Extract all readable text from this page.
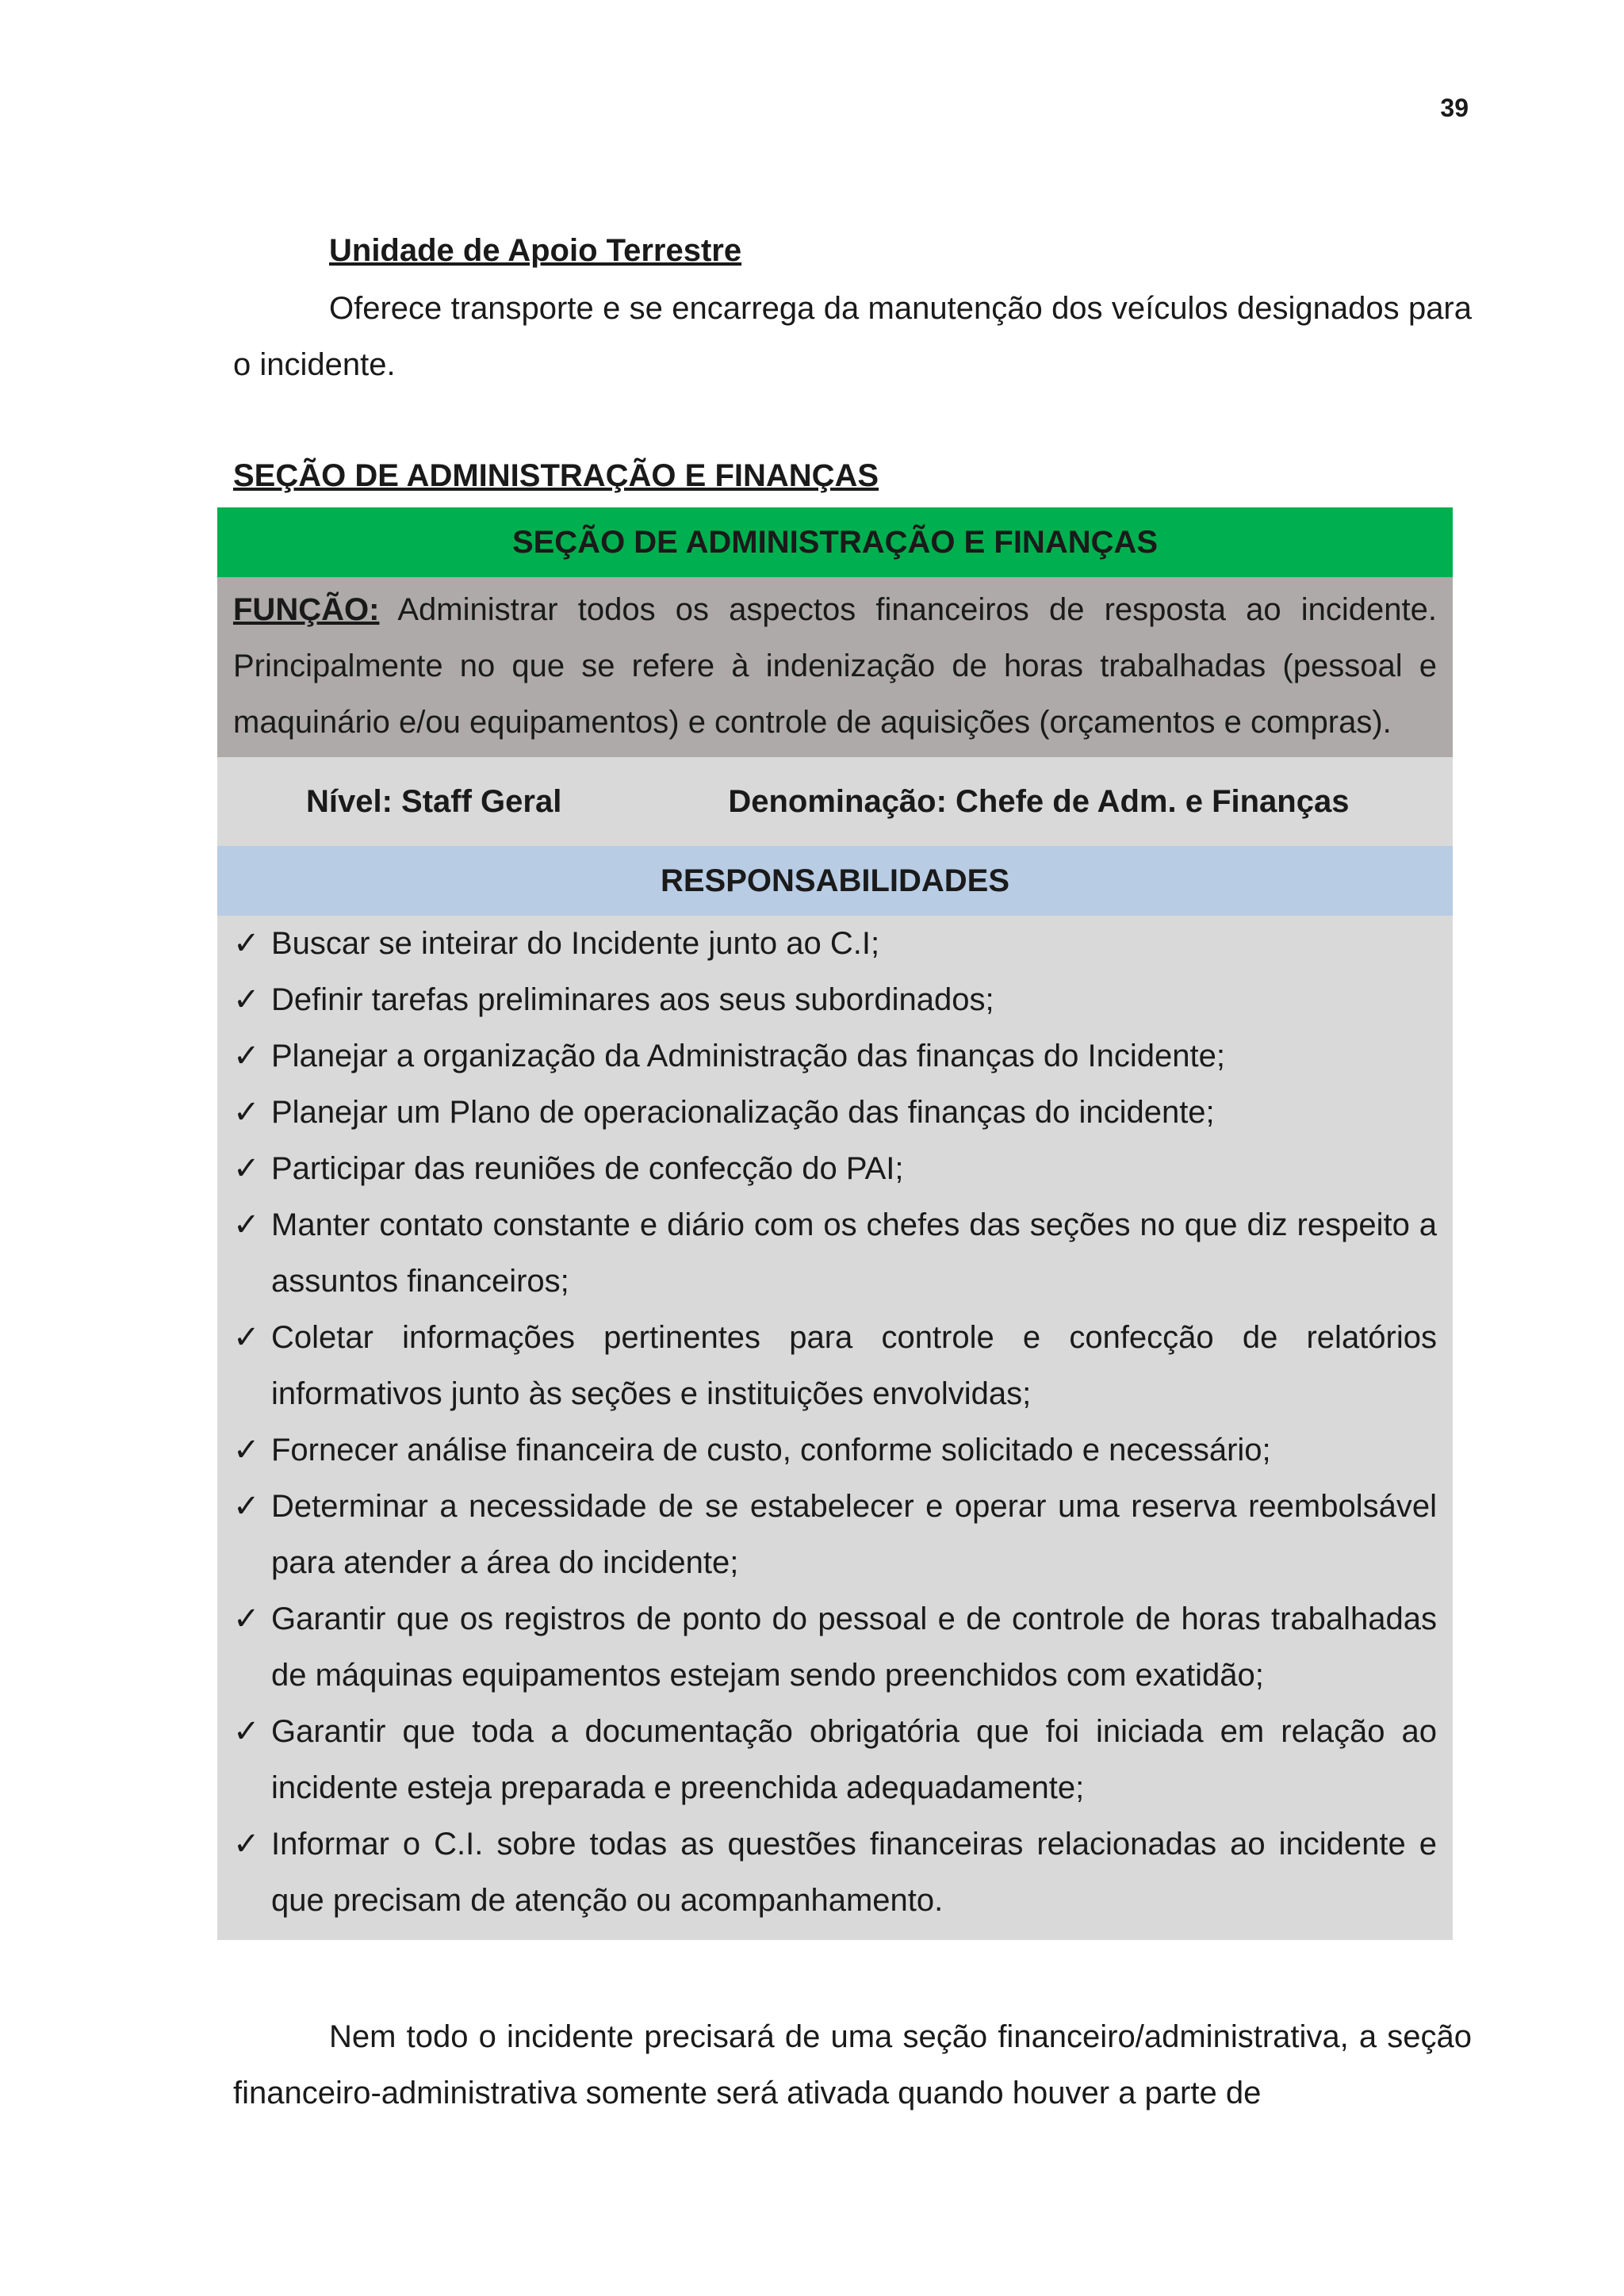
39
Unidade de Apoio Terrestre
Oferece transporte e se encarrega da manutenção dos veículos designados para o incidente.
SEÇÃO DE ADMINISTRAÇÃO E FINANÇAS
SEÇÃO DE ADMINISTRAÇÃO E FINANÇAS
FUNÇÃO: Administrar todos os aspectos financeiros de resposta ao incidente. Principalmente no que se refere à indenização de horas trabalhadas (pessoal e maquinário e/ou equipamentos) e controle de aquisições (orçamentos e compras).
Nível: Staff Geral	Denominação: Chefe de Adm. e Finanças
RESPONSABILIDADES
✓ Buscar se inteirar do Incidente junto ao C.I;
✓ Definir tarefas preliminares aos seus subordinados;
✓ Planejar a organização da Administração das finanças do Incidente;
✓ Planejar um Plano de operacionalização das finanças do incidente;
✓ Participar das reuniões de confecção do PAI;
✓ Manter contato constante e diário com os chefes das seções no que diz respeito a assuntos financeiros;
✓ Coletar informações pertinentes para controle e confecção de relatórios informativos junto às seções e instituições envolvidas;
✓ Fornecer análise financeira de custo, conforme solicitado e necessário;
✓ Determinar a necessidade de se estabelecer e operar uma reserva reembolsável para atender a área do incidente;
✓ Garantir que os registros de ponto do pessoal e de controle de horas trabalhadas de máquinas equipamentos estejam sendo preenchidos com exatidão;
✓ Garantir que toda a documentação obrigatória que foi iniciada em relação ao incidente esteja preparada e preenchida adequadamente;
✓ Informar o C.I. sobre todas as questões financeiras relacionadas ao incidente e que precisam de atenção ou acompanhamento.
Nem todo o incidente precisará de uma seção financeiro/administrativa, a seção financeiro-administrativa somente será ativada quando houver a parte de
